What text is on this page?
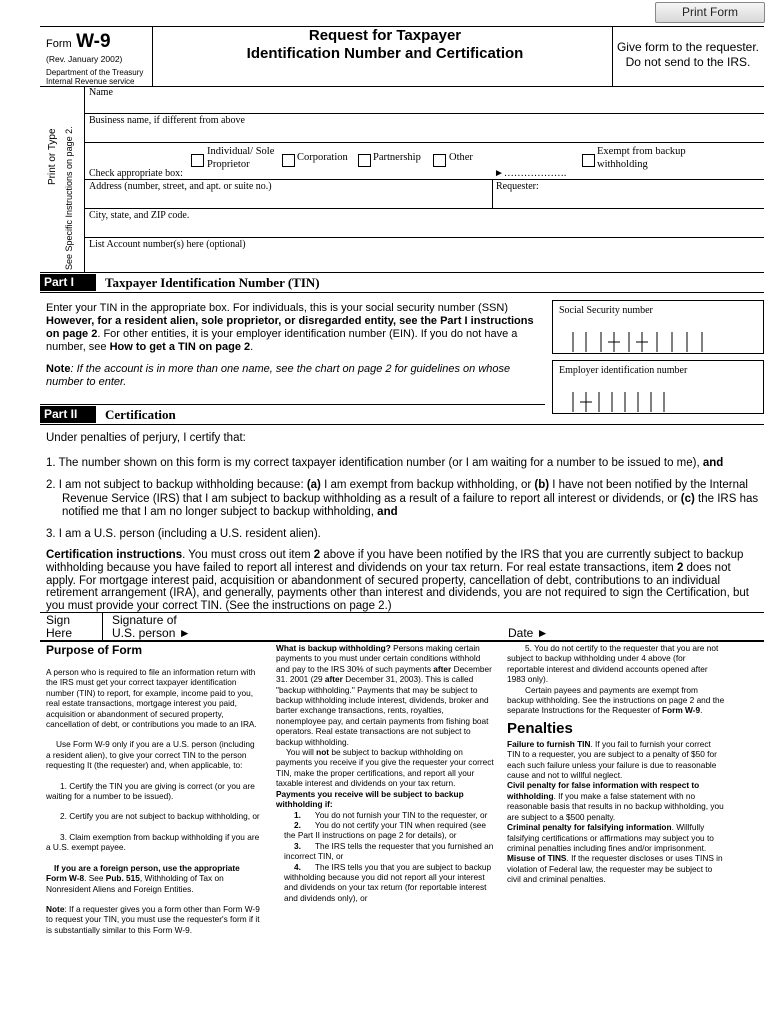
Print Form
Form W-9
(Rev. January 2002)
Department of the Treasury
Internal Revenue service
Request for Taxpayer
Identification Number and Certification	Give form to the requester. Do not send to the IRS.
Print or Type See Specific Instructions on page 2.
Name
Business name, if different from above
Individual/ Sole Proprietor
Corporation Partnership	Other
Exempt from backup withholding
Check appropriate box:	►……………….
Address (number, street, and apt. or suite no.)	Requester:
City, state, and ZIP code.
List Account number(s) here (optional)
Part I	Taxpayer Identification Number (TIN)
Enter your TIN in the appropriate box. For individuals, this is your social security number (SSN) However, for a resident alien, sole proprietor, or disregarded entity, see the Part I instructions on page 2. For other entities, it is your employer identification number (EIN). If you do not have a number, see How to get a TIN on page 2.
Note: If the account is in more than one name, see the chart on page 2 for guidelines on whose number to enter.
Social Security number
Employer identification number
Part II	Certification
Under penalties of perjury, I certify that:
1. The number shown on this form is my correct taxpayer identification number (or I am waiting for a number to be issued to me), and
2. I am not subject to backup withholding because: (a) I am exempt from backup withholding, or (b) I have not been notified by the Internal Revenue Service (IRS) that I am subject to backup withholding as a result of a failure to report all interest or dividends, or (c) the IRS has notified me that I am no longer subject to backup withholding, and
3. I am a U.S. person (including a U.S. resident alien).
Certification instructions. You must cross out item 2 above if you have been notified by the IRS that you are currently subject to backup withholding because you have failed to report all interest and dividends on your tax return. For real estate transactions, item 2 does not apply. For mortgage interest paid, acquisition or abandonment of secured property, cancellation of debt, contributions to an individual retirement arrangement (IRA), and generally, payments other than interest and dividends, you are not required to sign the Certification, but you must provide your correct TIN. (See the instructions on page 2.)
Sign
Here
Signature of
U.S. person ►	Date ►
Purpose of Form

A person who is required to file an information return with the IRS must get your correct taxpayer identification number (TIN) to report, for example, income paid to you, real estate transactions, mortgage interest you paid, acquisition or abandonment of secured property, cancellation of debt, or contributions you made to an IRA.

Use Form W-9 only if you are a U.S. person (including a resident alien), to give your correct TIN to the person requesting It (the requester) and, when applicable, to:

1. Certify the TIN you are giving is correct (or you are waiting for a number to be issued).

2. Certify you are not subject to backup withholding, or

3. Claim exemption from backup withholding if you are a U.S. exempt payee.

If you are a foreign person, use the appropriate Form W-8. See Pub. 515, Withholding of Tax on Nonresident Aliens and Foreign Entities.

Note: If a requester gives you a form other than Form W-9 to request your TIN, you must use the requester's form if it is substantially similar to this Form W-9.

What is backup withholding? Persons making certain payments to you must under certain conditions withhold and pay to the IRS 30% of such payments after December 31. 2001 (29 after December 31, 2003). This is called "backup withholding." Payments that may be subject to backup withholding include interest, dividends, broker and barter exchange transactions, rents, royalties, nonemployee pay, and certain payments from fishing boat operators. Real estate transactions are not subject to backup withholding.

You will not be subject to backup withholding on payments you receive if you give the requester your correct TIN, make the proper certifications, and report all your taxable interest and dividends on your tax return.

Payments you receive will be subject to backup withholding if:

1. You do not furnish your TIN to the requester, or

2. You do not certify your TIN when required (see the Part II instructions on page 2 for details), or

3. The IRS tells the requester that you furnished an incorrect TIN, or

4. The IRS tells you that you are subject to backup withholding because you did not report all your interest and dividends on your tax return (for reportable interest and dividends only), or

5. You do not certify to the requester that you are not subject to backup withholding under 4 above (for reportable interest and dividend accounts opened after 1983 only).

Certain payees and payments are exempt from backup withholding. See the instructions on page 2 and the separate Instructions for the Requester of Form W-9.

Penalties

Failure to furnish TIN. If you fail to furnish your correct TIN to a requester, you are subject to a penalty of $50 for each such failure unless your failure is due to reasonable cause and not to willful neglect.

Civil penalty for false information with respect to withholding. If you make a false statement with no reasonable basis that results in no backup withholding, you are subject to a $500 penalty.

Criminal penalty for falsifying information. Willfully falsifying certifications or affirmations may subject you to criminal penalties including fines and/or imprisonment.

Misuse of TINS. If the requester discloses or uses TINS in violation of Federal law, the requester may be subject to civil and criminal penalties.
